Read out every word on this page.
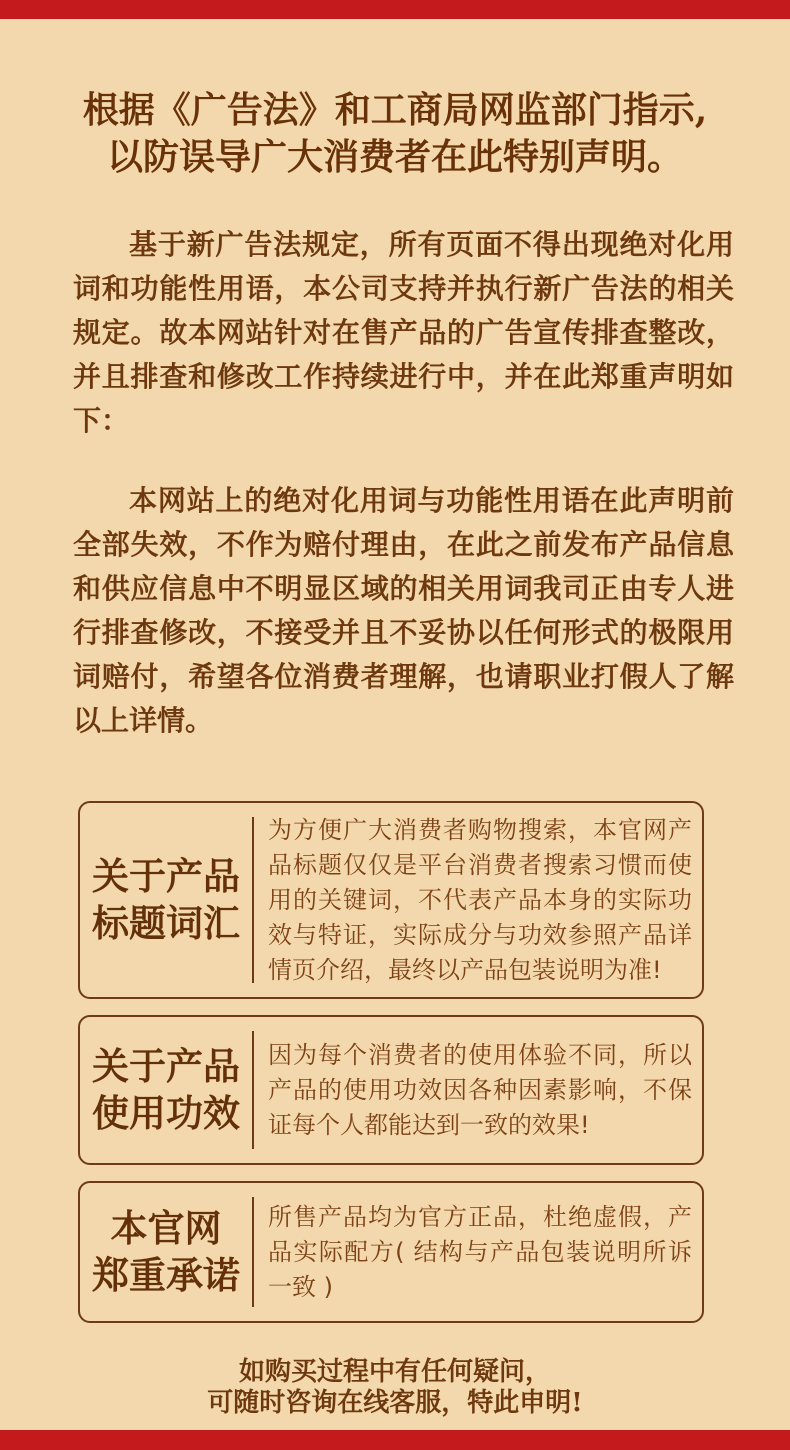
根据《广告法》和工商局网监部门指示,
以防误导广大消费者在此特别声明。

基于新广告法规定，所有页面不得出现绝对化用词和功能性用语，本公司支持并执行新广告法的相关规定。故本网站针对在售产品的广告宣传排查整改，并且排查和修改工作持续进行中，并在此郑重声明如下：

本网站上的绝对化用词与功能性用语在此声明前全部失效，不作为赔付理由，在此之前发布产品信息和供应信息中不明显区域的相关用词我司正由专人进行排查修改，不接受并且不妥协以任何形式的极限用词赔付，希望各位消费者理解，也请职业打假人了解以上详情。

关于产品
标题词汇
为方便广大消费者购物搜索，本官网产品标题仅仅是平台消费者搜索习惯而使用的关键词，不代表产品本身的实际功效与特证，实际成分与功效参照产品详情页介绍，最终以产品包装说明为准!
关于产品
使用功效
因为每个消费者的使用体验不同，所以产品的使用功效因各种因素影响，不保证每个人都能达到一致的效果!
本官网
郑重承诺
所售产品均为官方正品，杜绝虚假，产品实际配方( 结构与产品包装说明所诉一致 )

如购买过程中有任何疑问，
可随时咨询在线客服，特此申明!
